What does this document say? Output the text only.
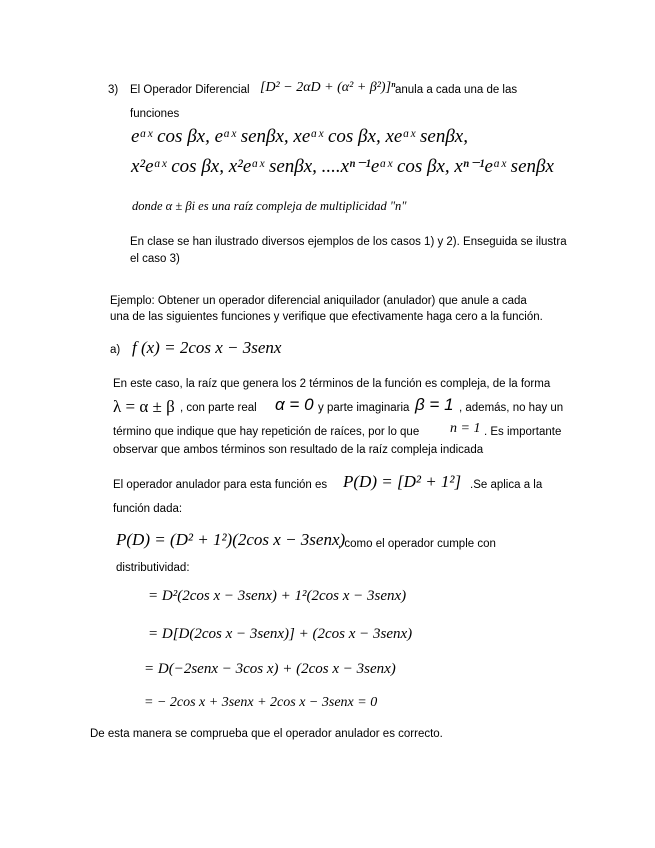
3) El Operador Diferencial [D² − 2αD + (α² + β²)]ⁿ anula a cada una de las
funciones
eᵅˣ cos βx, eᵅˣ senβx, xeᵅˣ cos βx, xeᵅˣ senβx,
x²eᵅˣ cos βx, x²eᵅˣ senβx, ....xⁿ⁻¹eᵅˣ cos βx, xⁿ⁻¹eᵅˣ senβx
donde α ± βi es una raíz compleja de multiplicidad "n"
En clase se han ilustrado diversos ejemplos de los casos 1) y 2). Enseguida se ilustra
el caso 3)
Ejemplo: Obtener un operador diferencial aniquilador (anulador) que anule a cada
una de las siguientes funciones y verifique que efectivamente haga cero a la función.
a) f (x) = 2cos x − 3senx
En este caso, la raíz que genera los 2 términos de la función es compleja, de la forma
λ = α ± β , con parte real α = 0 y parte imaginaria β = 1 , además, no hay un
término que indique que hay repetición de raíces, por lo que n = 1 . Es importante
observar que ambos términos son resultado de la raíz compleja indicada
El operador anulador para esta función es P(D) = [D² + 1²] .Se aplica a la
función dada:
P(D) = (D² + 1²)(2cos x − 3senx)
, como el operador cumple con
distributividad:
= D²(2cos x − 3senx) + 1²(2cos x − 3senx)
= D[D(2cos x − 3senx)] + (2cos x − 3senx)
= D(−2senx − 3cos x) + (2cos x − 3senx)
= − 2cos x + 3senx + 2cos x − 3senx = 0
De esta manera se comprueba que el operador anulador es correcto.
